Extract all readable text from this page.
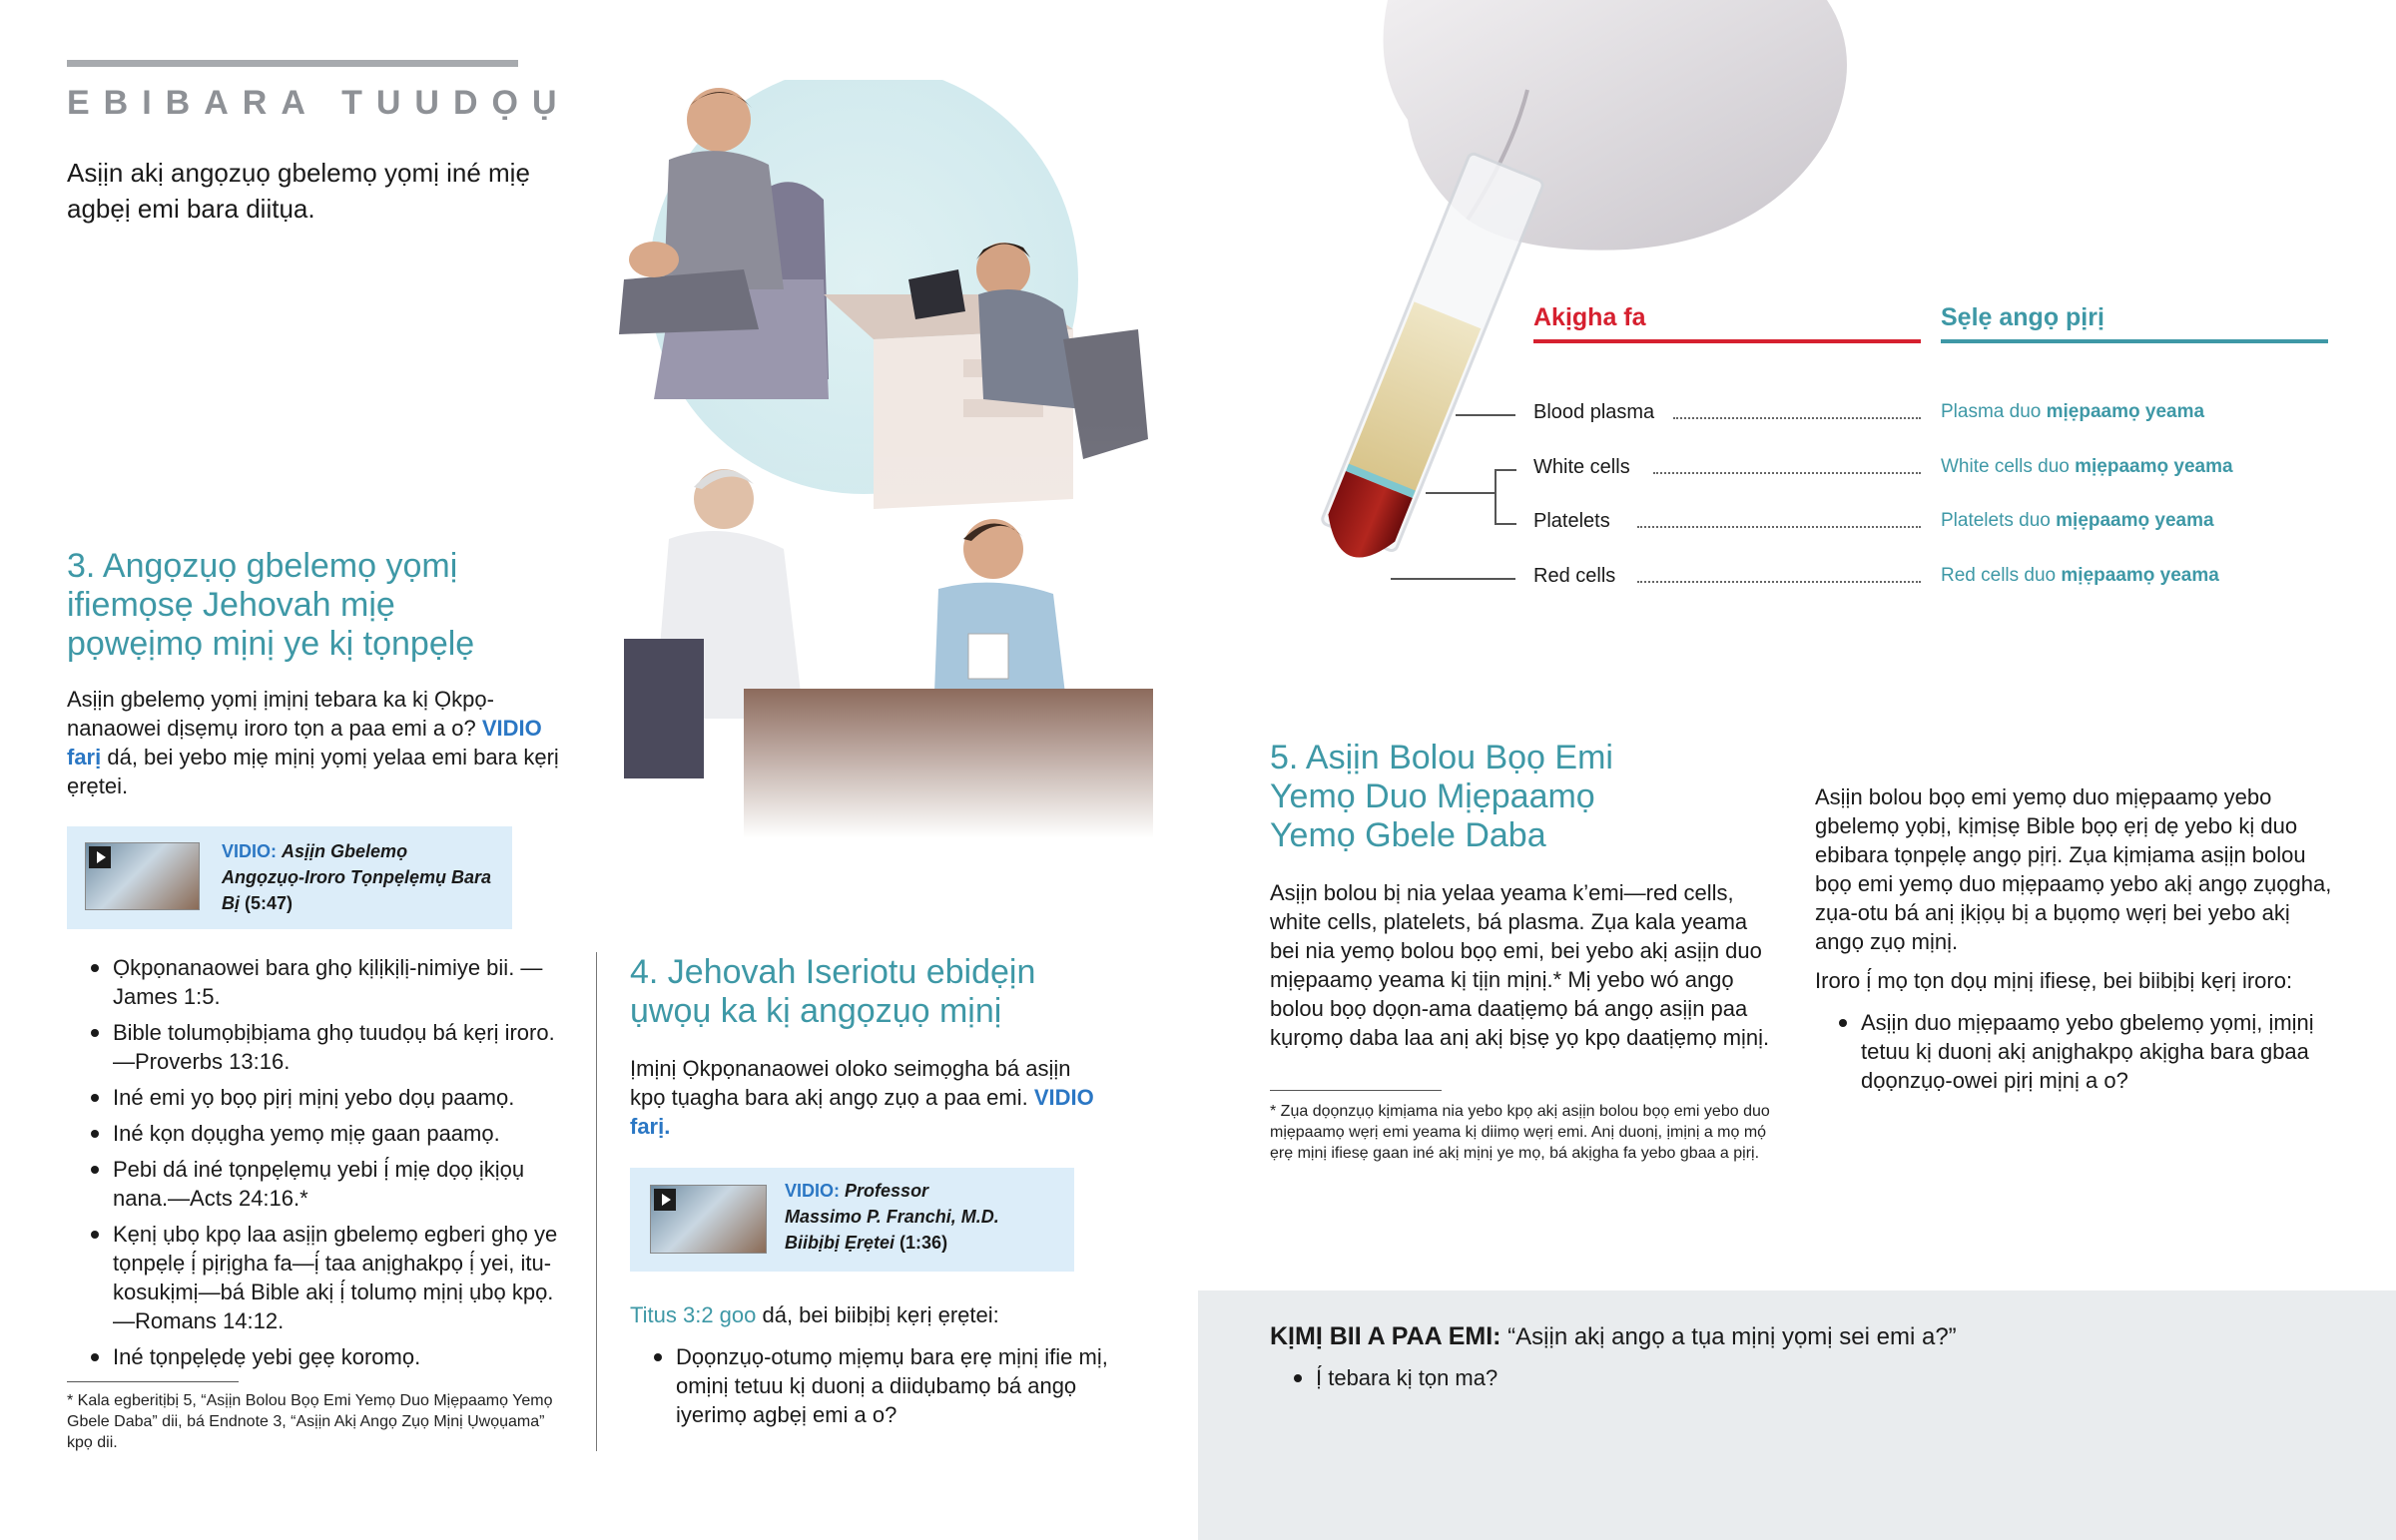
EBIBARA TUUDỌỤ

Asịịn akị angọzụọ gbelemọ yọmị iné mịẹ agbẹị emi bara diitụa.

3. Angọzụọ gbelemọ yọmị ifiemọsẹ Jehovah mịẹ pọwẹịmọ mịnị ye kị tọnpẹlẹ

Asịịn gbelemọ yọmị ịmịnị tebara ka kị Ọkpọnanaowei dịsẹmụ iroro tọn a paa emi a o? VIDIO farị dá, bei yebo mịẹ mịnị yọmị yelaa emi bara kẹrị ẹrẹtei.

VIDIO: Asịịn Gbelemọ Angọzụọ-Iroro Tọnpẹlẹmụ Bara Bị (5:47)
Ọkpọnanaowei bara ghọ kịlịkịlị-nimiye bii. —James 1:5.
Bible tolumọbịbịama ghọ tuudọụ bá kẹrị iroro.—Proverbs 13:16.
Iné emi yọ bọọ pịrị mịnị yebo dọụ paamọ.
Iné kọn dọụgha yemọ mịẹ gaan paamọ.
Pebi dá iné tọnpẹlẹmụ yebi ị́ mịẹ dọọ ịkịọụ nana.—Acts 24:16.*
Kẹnị ụbọ kpọ laa asịịn gbelemọ egberi ghọ ye tọnpẹlẹ ị́ pịrịgha fa—ị́ taa anịghakpọ ị́ yei, itu-kosukịmị—bá Bible akị ị́ tolumọ mịnị ụbọ kpọ.—Romans 14:12.
Iné tọnpẹlẹdẹ yebi gẹẹ koromọ.

* Kala egberitịbị 5, “Asịịn Bolou Bọọ Emi Yemọ Duo Mịẹpaamọ Yemọ Gbele Daba” dii, bá Endnote 3, “Asịịn Akị Angọ Zụọ Mịnị Ụwọụama” kpọ dii.

4. Jehovah Iseriotu ebidẹịn ụwọụ ka kị angọzụọ mịnị

Ịmịnị Ọkpọnanaowei oloko seimọgha bá asịịn kpọ tụagha bara akị angọ zụọ a paa emi. VIDIO farị.

VIDIO: Professor
Massimo P. Franchi, M.D.
Biibịbị Ẹrẹtei (1:36)

Titus 3:2 goo dá, bei biibịbị kẹrị ẹrẹtei:

Dọọnzụọ-otumọ mịẹmụ bara ẹrẹ mịnị ifie mị, omịnị tetuu kị duonị a diidụbamọ bá angọ iyerimọ agbẹị emi a o?
Akịgha fa	Sẹlẹ angọ pịrị
Blood plasma	Plasma duo mịẹpaamọ yeama
White cells	White cells duo mịẹpaamọ yeama
Platelets	Platelets duo mịẹpaamọ yeama
Red cells	Red cells duo mịẹpaamọ yeama
5. Asịịn Bolou Bọọ Emi Yemọ Duo Mịẹpaamọ Yemọ Gbele Daba

Asịịn bolou bị nia yelaa yeama k’emi—red cells, white cells, platelets, bá plasma. Zụa kala yeama bei nia yemọ bolou bọọ emi, bei yebo akị asịịn duo mịẹpaamọ yeama kị tịịn mịnị.* Mị yebo wó angọ bolou bọọ dọọn-ama daatịẹmọ bá angọ asịịn paa kụrọmọ daba laa anị akị bịsẹ yọ kpọ daatịẹmọ mịnị.

* Zụa dọọnzụọ kịmịama nia yebo kpọ akị asịịn bolou bọọ emi yebo duo mịẹpaamọ wẹrị emi yeama kị diimọ wẹrị emi. Anị duonị, ịmịnị a mọ mọ́ ẹrẹ mịnị ifiesẹ gaan iné akị mịnị ye mọ, bá akịgha fa yebo gbaa a pịrị.

Asịịn bolou bọọ emi yemọ duo mịẹpaamọ yebo gbelemọ yọbị, kịmịsẹ Bible bọọ ẹrị dẹ yebo kị duo ebibara tọnpẹlẹ angọ pịrị. Zụa kịmịama asịịn bolou bọọ emi yemọ duo mịẹpaamọ yebo akị angọ zụọgha, zụa-otu bá anị ịkịọụ bị a bụọmọ wẹrị bei yebo akị angọ zụọ mịnị.

Iroro ị́ mọ tọn dọụ mịnị ifiesẹ, bei biibịbị kẹrị iroro:

Asịịn duo mịẹpaamọ yebo gbelemọ yọmị, ịmịnị tetuu kị duonị akị anịghakpọ akịgha bara gbaa dọọnzụọ-owei pịrị mịnị a o?

KỊMỊ BII A PAA EMI: “Asịịn akị angọ a tụa mịnị yọmị sei emi a?”

Ị́ tebara kị tọn ma?
